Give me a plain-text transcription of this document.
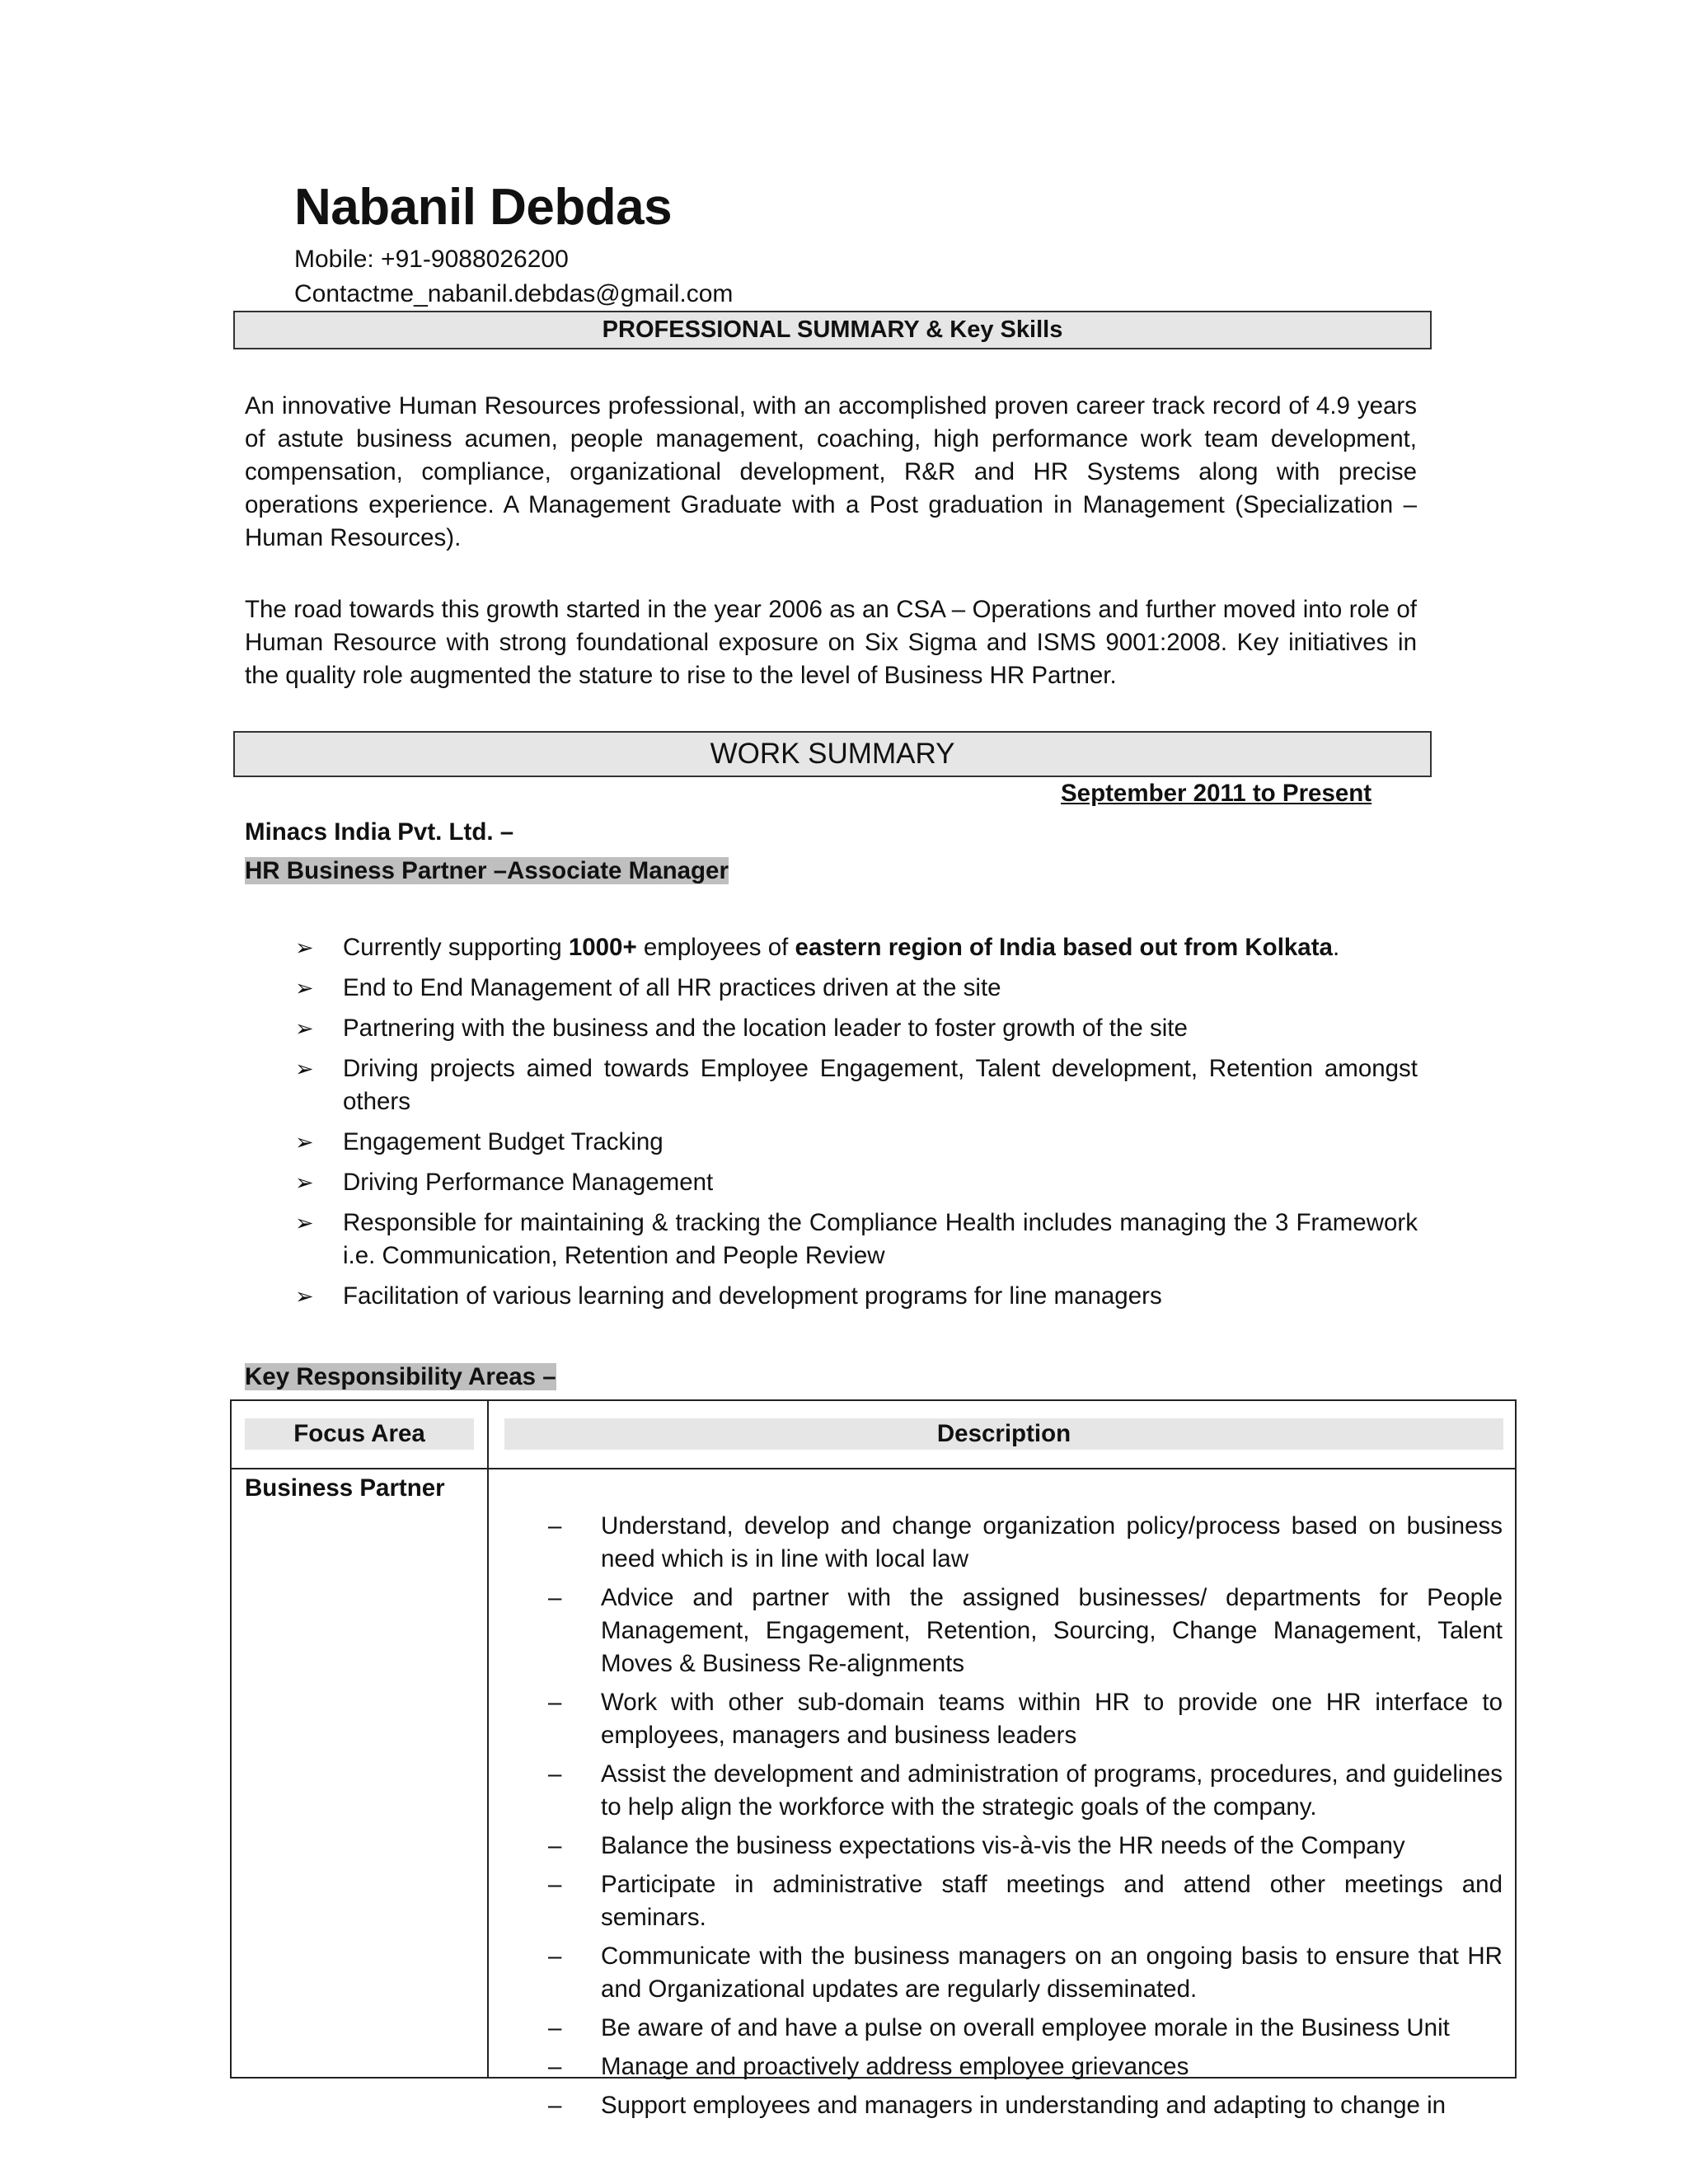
Nabanil Debdas
Mobile: +91-9088026200
Contactme_nabanil.debdas@gmail.com
PROFESSIONAL SUMMARY & Key Skills
An innovative Human Resources professional, with an accomplished proven career track record of 4.9 years of astute business acumen, people management, coaching, high performance work team development, compensation, compliance, organizational development, R&R and HR Systems along with precise operations experience. A Management Graduate with a Post graduation in Management (Specialization – Human Resources).
The road towards this growth started in the year 2006 as an CSA – Operations and further moved into role of Human Resource with strong foundational exposure on Six Sigma and ISMS 9001:2008. Key initiatives in the quality role augmented the stature to rise to the level of Business HR Partner.
WORK SUMMARY
September 2011 to Present
Minacs India Pvt. Ltd. –
HR Business Partner –Associate Manager
➢ Currently supporting 1000+ employees of eastern region of India based out from Kolkata.
➢ End to End Management of all HR practices driven at the site
➢ Partnering with the business and the location leader to foster growth of the site
➢ Driving projects aimed towards Employee Engagement, Talent development, Retention amongst others
➢ Engagement Budget Tracking
➢ Driving Performance Management
➢ Responsible for maintaining & tracking the Compliance Health includes managing the 3 Framework i.e. Communication, Retention and People Review
➢ Facilitation of various learning and development programs for line managers
Key Responsibility Areas –
Focus Area	Description
Business Partner
– Understand, develop and change organization policy/process based on business need which is in line with local law
– Advice and partner with the assigned businesses/ departments for People Management, Engagement, Retention, Sourcing, Change Management, Talent Moves & Business Re-alignments
– Work with other sub-domain teams within HR to provide one HR interface to employees, managers and business leaders
– Assist the development and administration of programs, procedures, and guidelines to help align the workforce with the strategic goals of the company.
– Balance the business expectations vis-à-vis the HR needs of the Company
– Participate in administrative staff meetings and attend other meetings and seminars.
– Communicate with the business managers on an ongoing basis to ensure that HR and Organizational updates are regularly disseminated.
– Be aware of and have a pulse on overall employee morale in the Business Unit
– Manage and proactively address employee grievances
– Support employees and managers in understanding and adapting to change in
